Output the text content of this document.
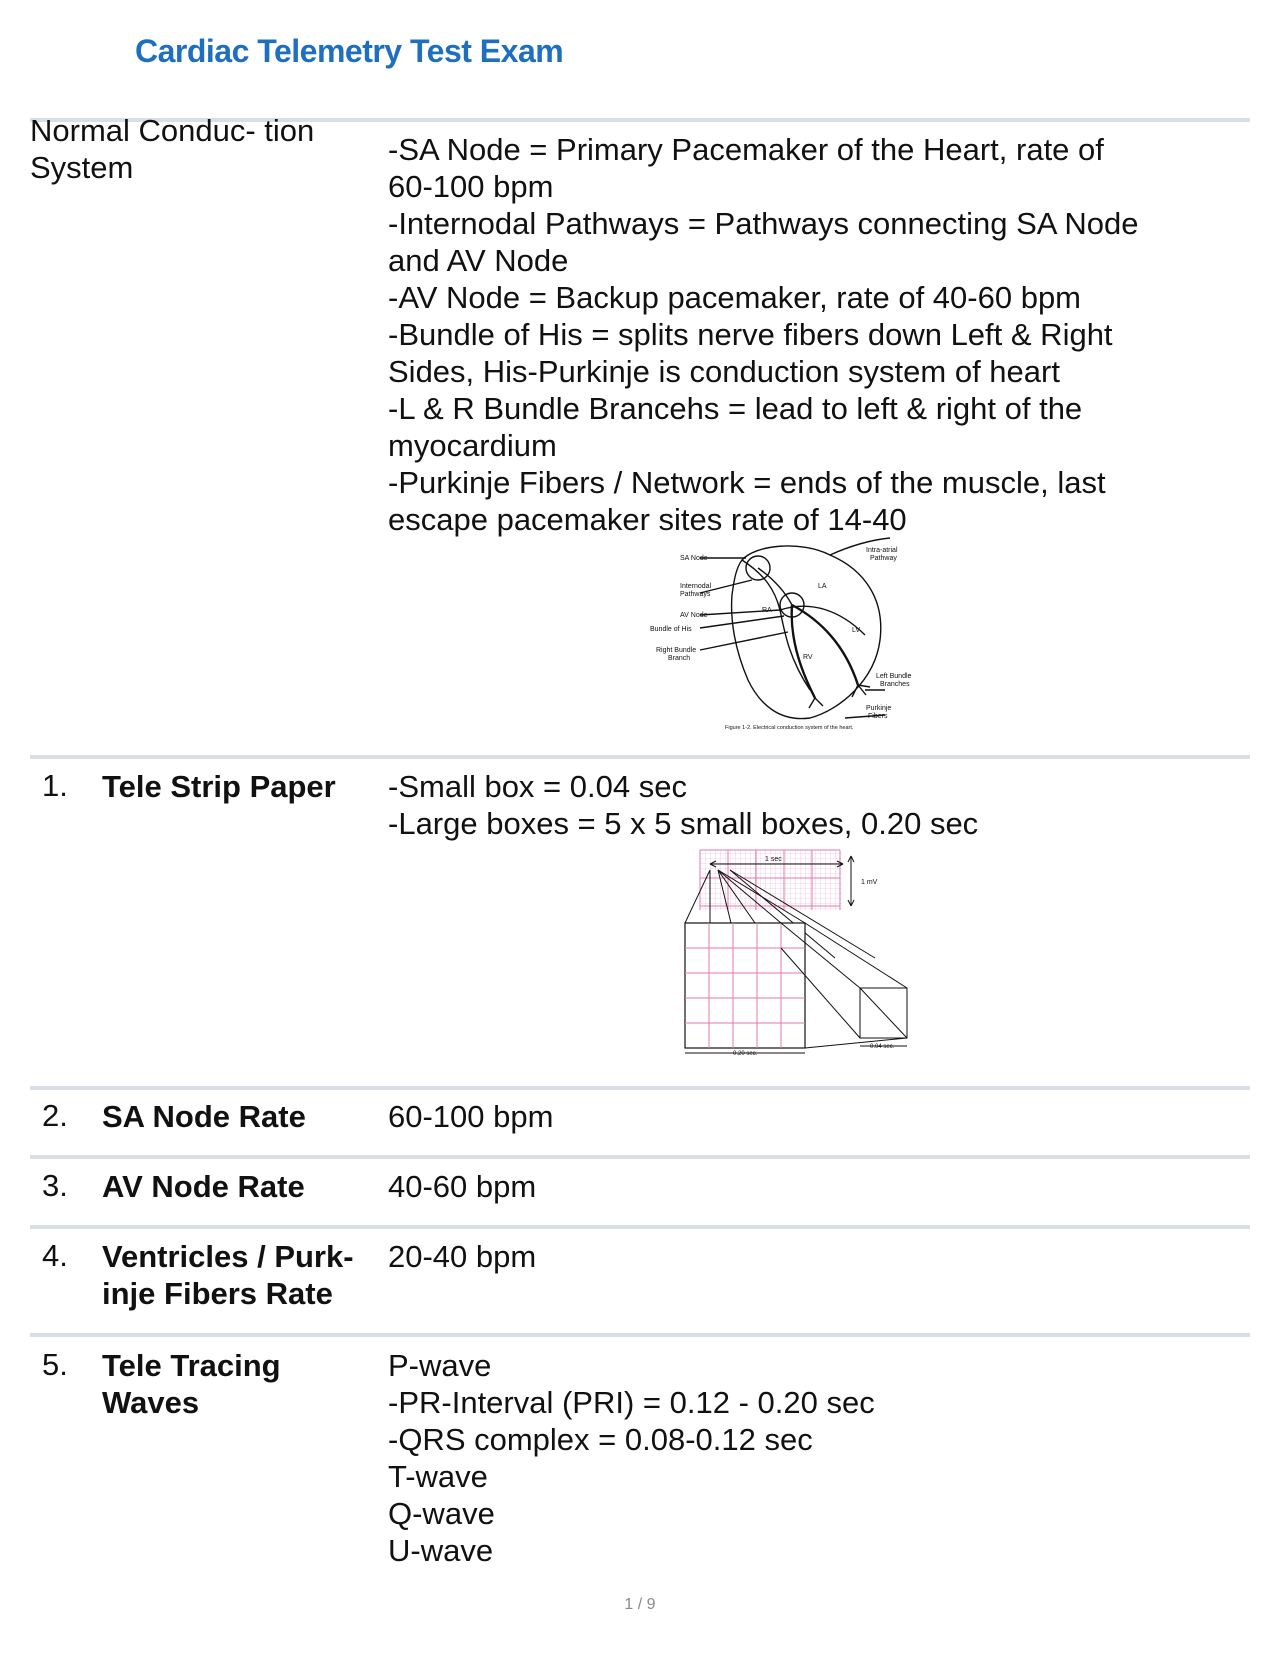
Cardiac Telemetry Test Exam
Normal Conduc- tion
System
-SA Node = Primary Pacemaker of the Heart, rate of
60-100 bpm
-Internodal Pathways = Pathways connecting SA Node
and AV Node
-AV Node = Backup pacemaker, rate of 40-60 bpm
-Bundle of His = splits nerve fibers down Left & Right
Sides, His-Purkinje is conduction system of heart
-L & R Bundle Brancehs = lead to left & right of the
myocardium
-Purkinje Fibers / Network = ends of the muscle, last
escape pacemaker sites rate of 14-40
SA Node
Internodal
Pathways
AV Node
Bundle of His
Right Bundle
Branch
Intra-atrial
Pathway
LA
RA
LV
RV
Left Bundle
Branches
Purkinje
Fibers
Figure 1-2. Electrical conduction system of the heart.
1. Tele Strip Paper -Small box = 0.04 sec
-Large boxes = 5 x 5 small boxes, 0.20 sec
1 sec
1 mV
0.20 sec.
0.04 sec.
2. SA Node Rate	60-100 bpm
3. AV Node Rate	40-60 bpm
4. Ventricles / Purk-
inje Fibers Rate
20-40 bpm
5. Tele Tracing
Waves
P-wave
-PR-Interval (PRI) = 0.12 - 0.20 sec
-QRS complex = 0.08-0.12 sec
T-wave
Q-wave
U-wave
1 / 9
